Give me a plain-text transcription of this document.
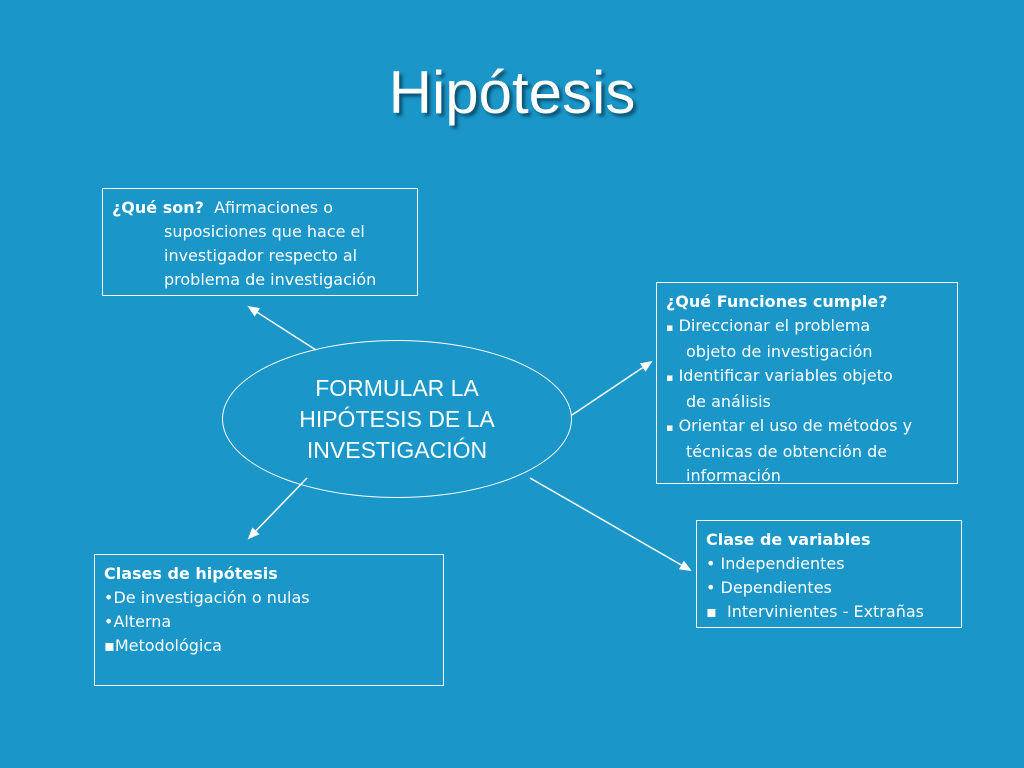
Hipótesis
¿Qué son? Afirmaciones o
suposiciones que hace el
investigador respecto al
problema de investigación
FORMULAR LA HIPÓTESIS DE LA INVESTIGACIÓN
¿Qué Funciones cumple?
▪ Direccionar el problema
objeto de investigación
▪ Identificar variables objeto
de análisis
▪ Orientar el uso de métodos y
técnicas de obtención de
información
Clases de hipótesis
•De investigación o nulas
•Alterna
▪Metodológica
Clase de variables
• Independientes
• Dependientes
▪  Intervinientes - Extrañas
